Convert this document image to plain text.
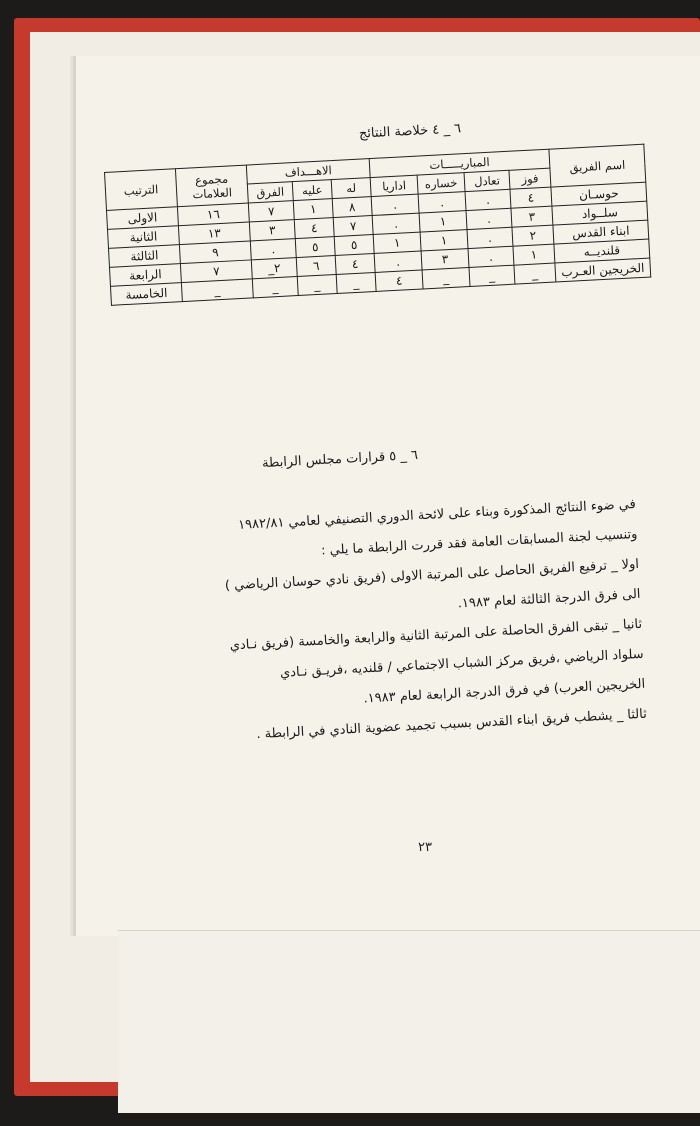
٦ _ ٤ خلاصة النتائج
اسم الفريق	المباريـــــات				الاهـــداف			مجموع العلامات	الترتيب
	فوز	تعادل	خساره	اداريا	له	عليه	الفرق		
حوسـان	٤	.	.	.	٨	١	٧	١٦	الاولى
سلــواد	٣	.	١	.	٧	٤	٣	١٣	الثانية
ابناء القدس	٢	.	١	١	٥	٥	.	٩	الثالثة
قلنديــه	١	.	٣	.	٤	٦	٢_	٧	الرابعة
الخريجين العـرب	_	_	_	٤	_	_	_	_	الخامسة
٦ _ ٥ قرارات مجلس الرابطة

في ضوء النتائج المذكورة وبناء على لائحة الدوري التصنيفي لعامي ١٩٨٢/٨١

وتنسيب لجنة المسابقات العامة فقد قررت الرابطة ما يلي :

اولا _ ترفيع الفريق الحاصل على المرتبة الاولى (فريق نادي حوسان الرياضي )

الى فرق الدرجة الثالثة لعام ١٩٨٣.

ثانيا _ تبقى الفرق الحاصلة على المرتبة الثانية والرابعة والخامسة (فريق نـادي

سلواد الرياضي ،فريق مركز الشباب الاجتماعي / قلنديه ،فريـق نـادي

الخريجين العرب) في فرق الدرجة الرابعة لعام ١٩٨٣.

ثالثا _ يشطب فريق ابناء القدس بسبب تجميد عضوية النادي في الرابطة .

٢٣
